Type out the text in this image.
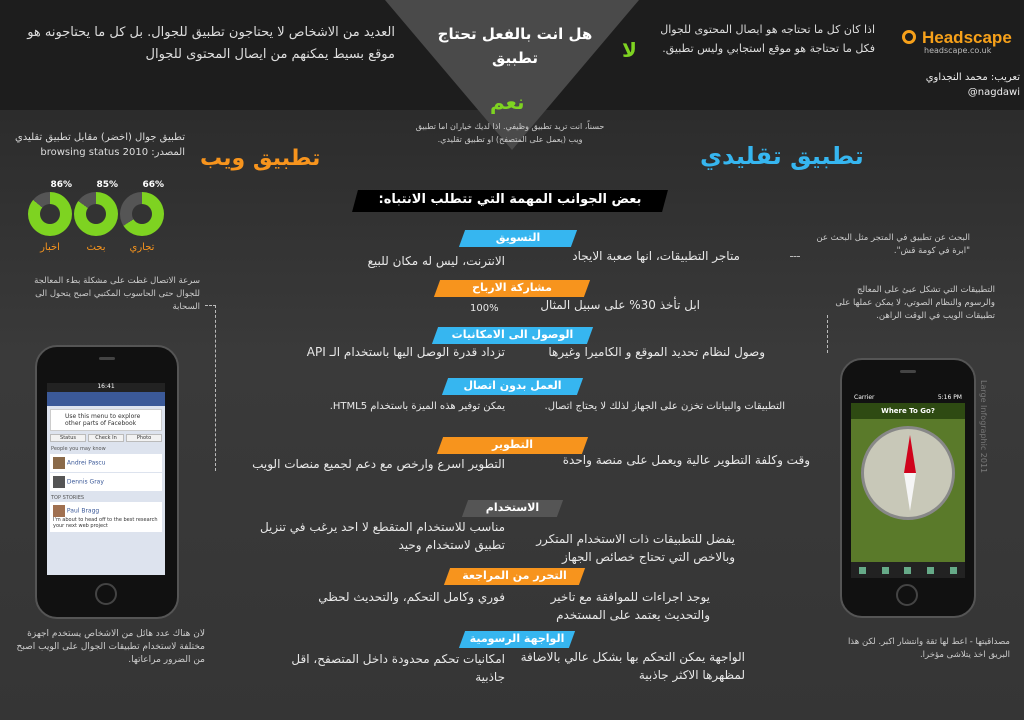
Headscape
headscape.co.uk
تعريب: محمد النجداوي
@nagdawi
اذا كان كل ما تحتاجه هو ايصال المحتوى للجوال فكل ما تحتاجة هو موقع استجابي وليس تطبيق.
لا
هل انت بالفعل تحتاج تطبيق
العديد من الاشخاص لا يحتاجون تطبيق للجوال. بل كل ما يحتاجونه هو موقع بسيط يمكنهم من ايصال المحتوى للجوال
نعم
حسناً، انت تريد تطبيق وظيفي. اذا لديك خياران اما تطبيق ويب (يعمل على المتصفح) او تطبيق تقليدي.
تطبيق تقليدي
تطبيق ويب
تطبيق جوال (اخضر) مقابل تطبيق تقليدي
المصدر: browsing status 2010
66%
تجاري
85%
بحث
86%
اخبار
بعض الجوانب المهمة التي تتطلب الانتباه:
التسويق
متاجر التطبيقات، انها صعبة الايجاد
الانترنت، ليس له مكان للبيع
مشاركة الارباح
ابل تأخذ 30% على سبيل المثال
100%
الوصول الى الامكانيات
وصول لنظام تحديد الموقع و الكاميرا وغيرها
تزداد قدرة الوصل اليها باستخدام الـ API
العمل بدون اتصال
التطبيقات والبيانات تخزن على الجهاز لذلك لا يحتاج اتصال.
يمكن توفير هذه الميزة باستخدام HTML5.
التطوير
وقت وكلفة التطوير عالية ويعمل على منصة واحدة
التطوير اسرع وارخص مع دعم لجميع منصات الويب
الاستخدام
يفضل للتطبيقات ذات الاستخدام المتكرر وبالاخص التي تحتاج خصائص الجهاز
مناسب للاستخدام المتقطع لا احد يرغب في تنزيل تطبيق لاستخدام وحيد
التحرر من المراجعة
يوجد اجراءات للموافقة مع تاخير والتحديث يعتمد على المستخدم
فوري وكامل التحكم، والتحديث لحظي
الواجهة الرسومية
الواجهة يمكن التحكم بها بشكل عالي بالاضافة لمظهرها الاكثر جاذبية
امكانيات تحكم محدودة داخل المتصفح، اقل جاذبية
البحث عن تطبيق في المتجر مثل البحث عن "ابرة في كومة قش".
التطبيقات التي تشكل عبئ على المعالج والرسوم والنظام الصوتي، لا يمكن عملها على تطبيقات الويب في الوقت الراهن.
مصداقيتها - اعط لها ثقة وانتشار اكبر. لكن هذا البريق اخذ يتلاشى مؤخرا.
سرعة الاتصال غطت على مشكلة بطء المعالجة للجوال حتى الحاسوب المكتبي اصبح يتحول الى السحابة
لان هناك عدد هائل من الاشخاص يستخدم اجهزة مختلفة لاستخدام تطبيقات الجوال على الويب اصبح من الضرور مراعاتها.
Large Infographic 2011
16:41
Use this menu to explore other parts of Facebook
Status	Check In	Photo
People you may know
Andrei Pascu
Dennis Gray
TOP STORIES
Paul Bragg
I'm about to head off to the best research your next web project
Carrier	5:16 PM
Where To Go?
